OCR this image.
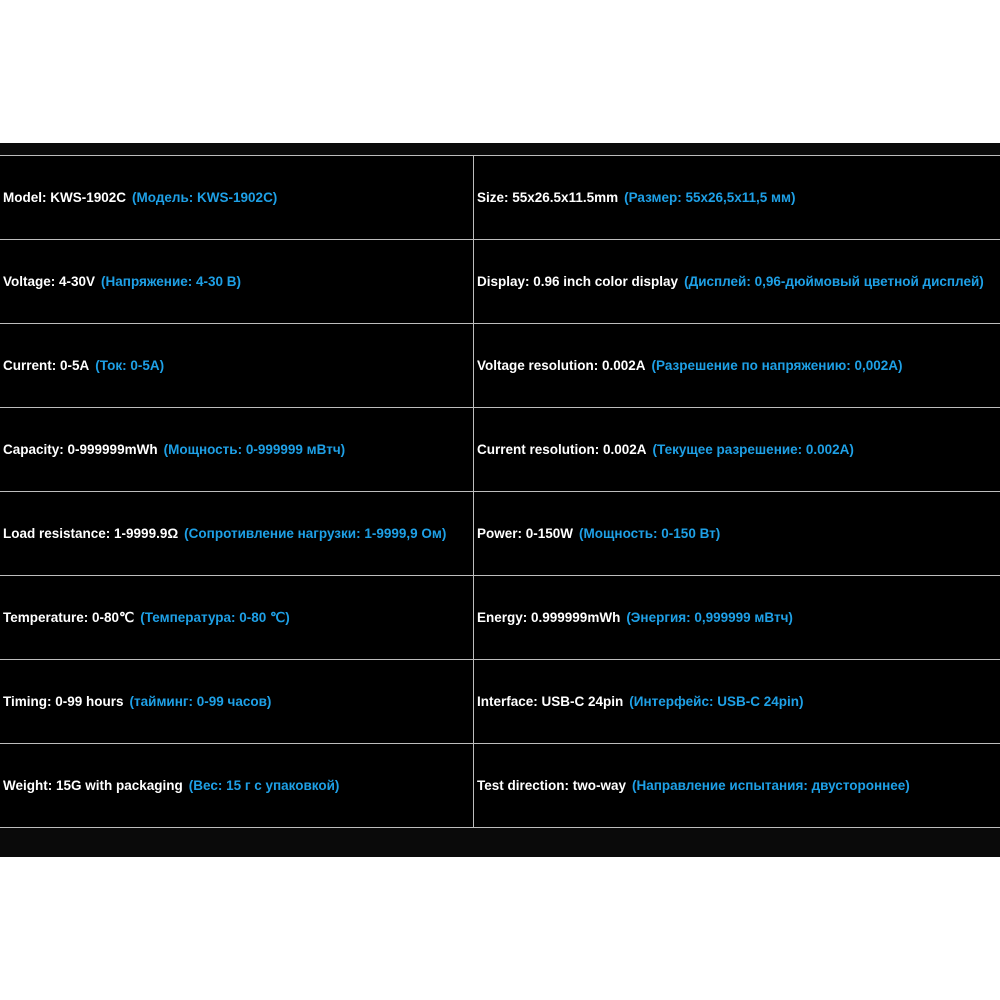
Model: KWS-1902C (Модель: KWS-1902C)	Size: 55x26.5x11.5mm (Размер: 55x26,5x11,5 мм)
Voltage: 4-30V (Напряжение: 4-30 В)	Display: 0.96 inch color display (Дисплей: 0,96-дюймовый цветной дисплей)
Current: 0-5A (Ток: 0-5A)	Voltage resolution: 0.002A (Разрешение по напряжению: 0,002A)
Capacity: 0-999999mWh (Мощность: 0-999999 мВтч)	Current resolution: 0.002A (Текущее разрешение: 0.002A)
Load resistance: 1-9999.9Ω (Сопротивление нагрузки: 1-9999,9 Ом)	Power: 0-150W (Мощность: 0-150 Вт)
Temperature: 0-80℃ (Температура: 0-80 ℃)	Energy: 0.999999mWh (Энергия: 0,999999 мВтч)
Timing: 0-99 hours (тайминг: 0-99 часов)	Interface: USB-C 24pin (Интерфейс: USB-C 24pin)
Weight: 15G with packaging (Вес: 15 г с упаковкой)	Test direction: two-way (Направление испытания: двустороннее)
